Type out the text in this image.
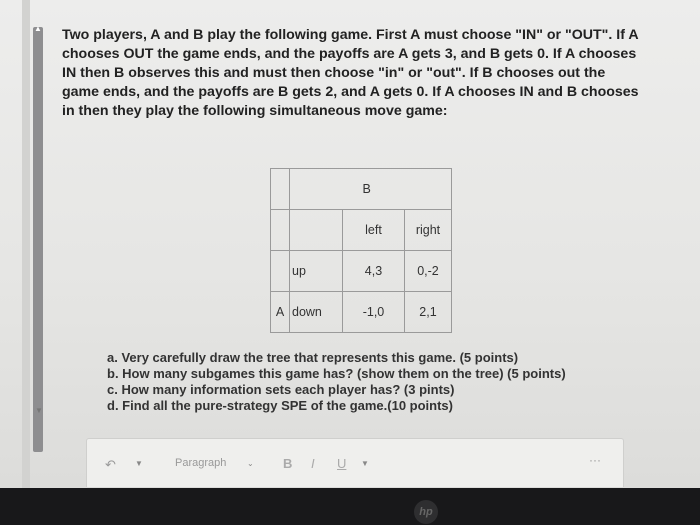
▲
▼
Two players, A and B play the following game. First A must choose "IN" or "OUT". If A
chooses OUT the game ends, and the payoffs are A gets 3, and B gets 0. If A chooses
IN then B observes this and must then choose "in" or "out". If B chooses out the
game ends, and the payoffs are B gets 2, and A gets 0. If A chooses IN and B chooses
in then they play the following simultaneous move game:
		B	
		left	right
	up	4,3	0,-2
A	down	-1,0	2,1
a. Very carefully draw the tree that represents this game. (5 points)
b. How many subgames this game has? (show them on the tree) (5 points)
c. How many information sets each player has? (3 pints)
d. Find all the pure-strategy SPE of the game.(10 points)
↶ ▼	Paragraph	⌄ B I U ▼	···
hp
